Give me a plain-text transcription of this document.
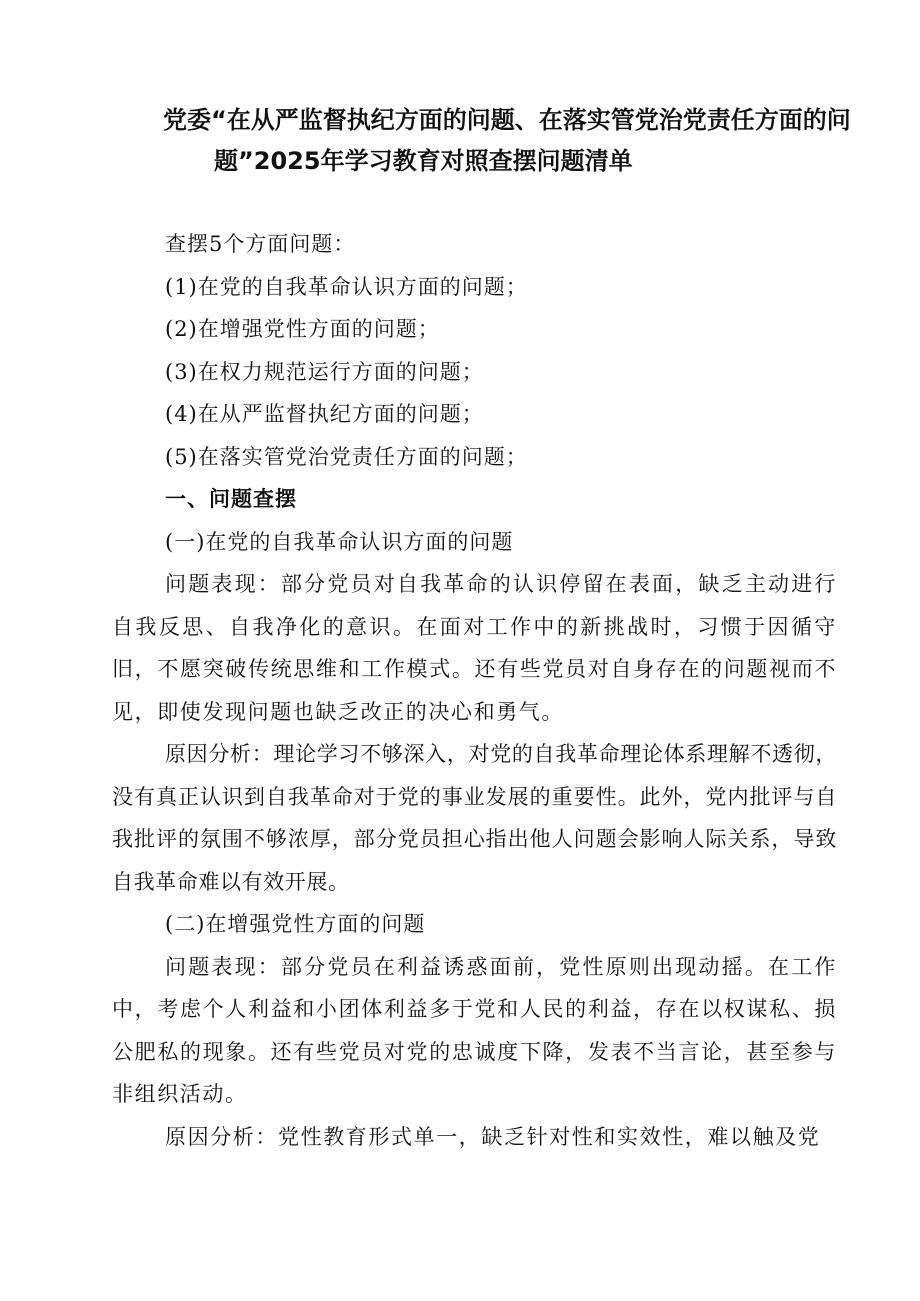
党委“在从严监督执纪方面的问题、在落实管党治党责任方面的问
题”2025年学习教育对照查摆问题清单
查摆5个方面问题：
(1)在党的自我革命认识方面的问题；
(2)在增强党性方面的问题；
(3)在权力规范运行方面的问题；
(4)在从严监督执纪方面的问题；
(5)在落实管党治党责任方面的问题；
一、问题查摆
(一)在党的自我革命认识方面的问题

问题表现：部分党员对自我革命的认识停留在表面，缺乏主动进行自我反思、自我净化的意识。在面对工作中的新挑战时，习惯于因循守旧，不愿突破传统思维和工作模式。还有些党员对自身存在的问题视而不见，即使发现问题也缺乏改正的决心和勇气。

原因分析：理论学习不够深入，对党的自我革命理论体系理解不透彻，没有真正认识到自我革命对于党的事业发展的重要性。此外，党内批评与自我批评的氛围不够浓厚，部分党员担心指出他人问题会影响人际关系，导致自我革命难以有效开展。

(二)在增强党性方面的问题

问题表现：部分党员在利益诱惑面前，党性原则出现动摇。在工作中，考虑个人利益和小团体利益多于党和人民的利益，存在以权谋私、损公肥私的现象。还有些党员对党的忠诚度下降，发表不当言论，甚至参与非组织活动。

原因分析：党性教育形式单一，缺乏针对性和实效性，难以触及党
